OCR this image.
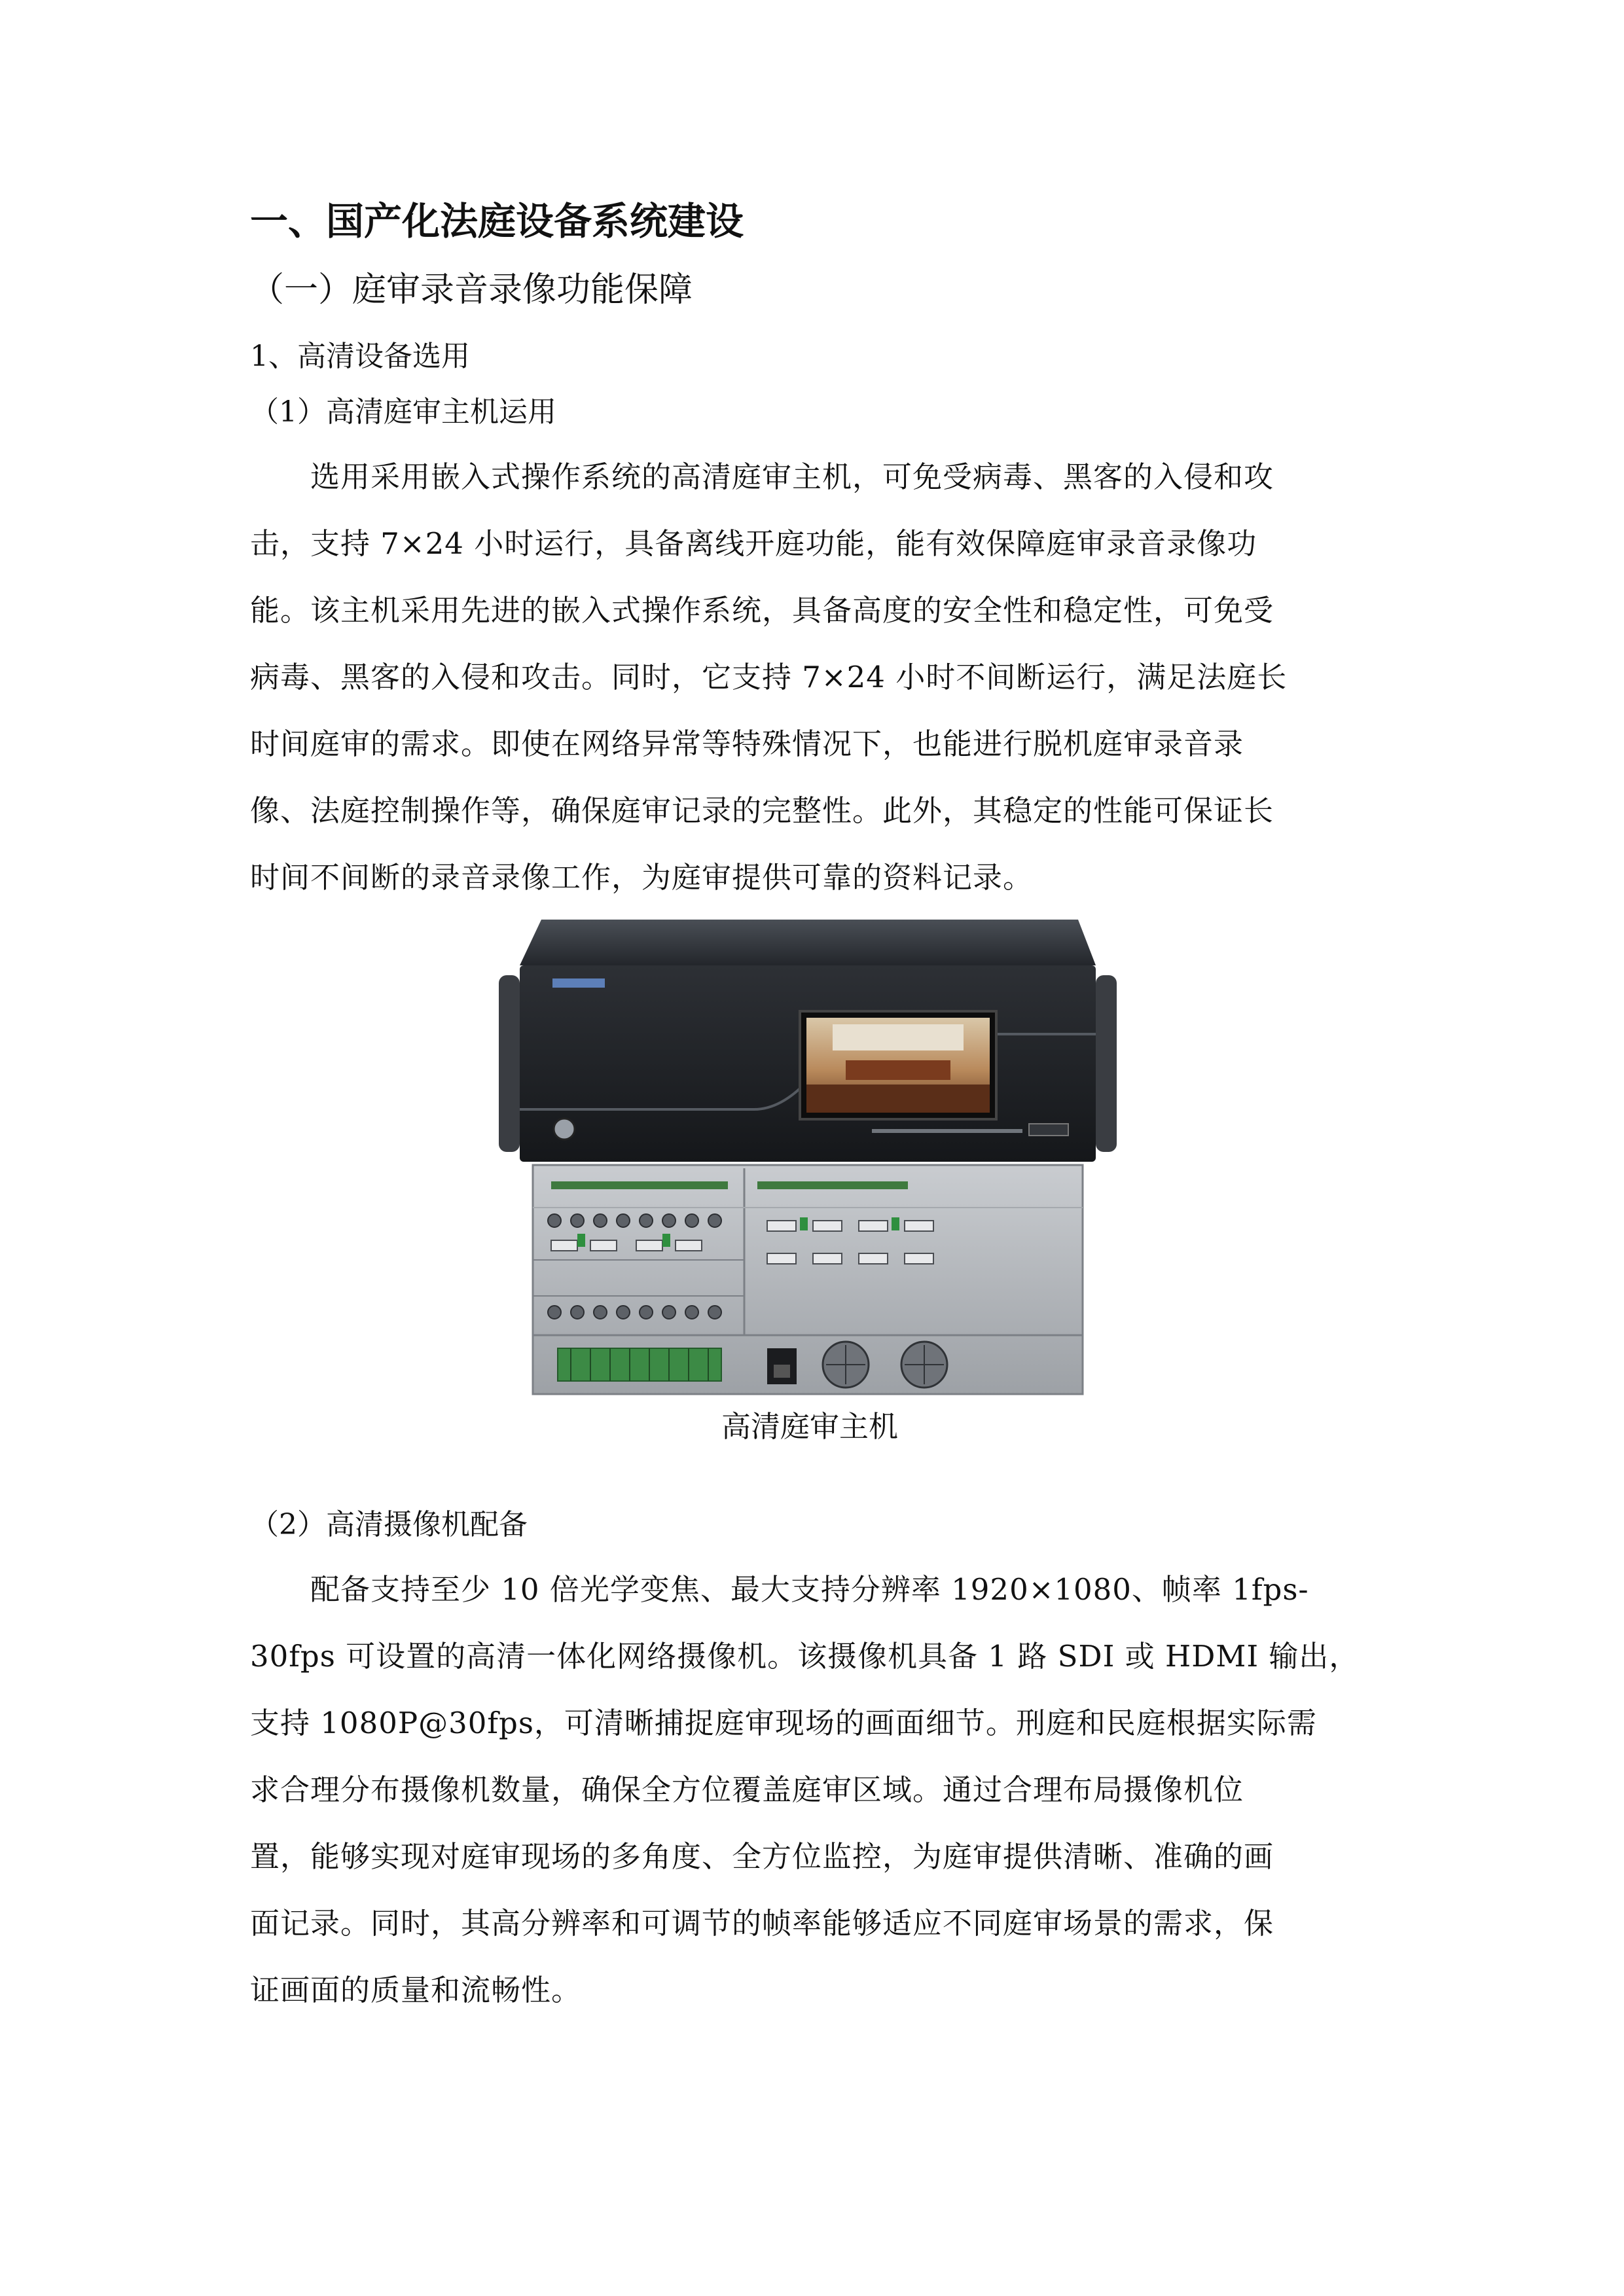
一、国产化法庭设备系统建设
（一）庭审录音录像功能保障
1、高清设备选用
（1）高清庭审主机运用
选用采用嵌入式操作系统的高清庭审主机，可免受病毒、黑客的入侵和攻
击，支持 7×24 小时运行，具备离线开庭功能，能有效保障庭审录音录像功
能。该主机采用先进的嵌入式操作系统，具备高度的安全性和稳定性，可免受
病毒、黑客的入侵和攻击。同时，它支持 7×24 小时不间断运行，满足法庭长
时间庭审的需求。即使在网络异常等特殊情况下，也能进行脱机庭审录音录
像、法庭控制操作等，确保庭审记录的完整性。此外，其稳定的性能可保证长
时间不间断的录音录像工作，为庭审提供可靠的资料记录。
高清庭审主机
（2）高清摄像机配备
配备支持至少 10 倍光学变焦、最大支持分辨率 1920×1080、帧率 1fps-
30fps 可设置的高清一体化网络摄像机。该摄像机具备 1 路 SDI 或 HDMI 输出，
支持 1080P@30fps，可清晰捕捉庭审现场的画面细节。刑庭和民庭根据实际需
求合理分布摄像机数量，确保全方位覆盖庭审区域。通过合理布局摄像机位
置，能够实现对庭审现场的多角度、全方位监控，为庭审提供清晰、准确的画
面记录。同时，其高分辨率和可调节的帧率能够适应不同庭审场景的需求，保
证画面的质量和流畅性。
